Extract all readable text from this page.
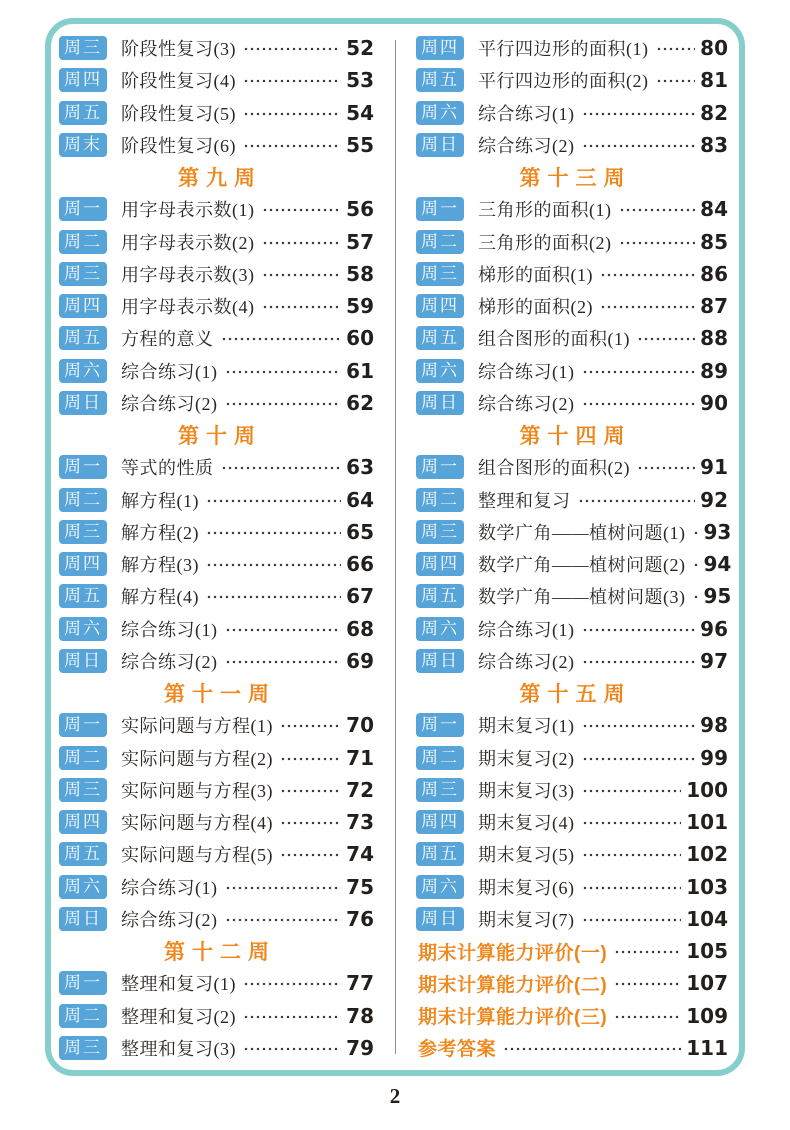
周三 阶段性复习(3)	52
周四 阶段性复习(4)	53
周五 阶段性复习(5)	54
周末 阶段性复习(6)	55
第九周
周一 用字母表示数(1)	56
周二 用字母表示数(2)	57
周三 用字母表示数(3)	58
周四 用字母表示数(4)	59
周五 方程的意义	60
周六 综合练习(1)	61
周日 综合练习(2)	62
第十周
周一 等式的性质	63
周二 解方程(1)	64
周三 解方程(2)	65
周四 解方程(3)	66
周五 解方程(4)	67
周六 综合练习(1)	68
周日 综合练习(2)	69
第十一周
周一 实际问题与方程(1)	70
周二 实际问题与方程(2)	71
周三 实际问题与方程(3)	72
周四 实际问题与方程(4)	73
周五 实际问题与方程(5)	74
周六 综合练习(1)	75
周日 综合练习(2)	76
第十二周
周一 整理和复习(1)	77
周二 整理和复习(2)	78
周三 整理和复习(3)	79
周四 平行四边形的面积(1)	80
周五 平行四边形的面积(2)	81
周六 综合练习(1)	82
周日 综合练习(2)	83
第十三周
周一 三角形的面积(1)	84
周二 三角形的面积(2)	85
周三 梯形的面积(1)	86
周四 梯形的面积(2)	87
周五 组合图形的面积(1)	88
周六 综合练习(1)	89
周日 综合练习(2)	90
第十四周
周一 组合图形的面积(2)	91
周二 整理和复习	92
周三 数学广角——植树问题(1) 93
周四 数学广角——植树问题(2) 94
周五 数学广角——植树问题(3) 95
周六 综合练习(1)	96
周日 综合练习(2)	97
第十五周
周一 期末复习(1)	98
周二 期末复习(2)	99
周三 期末复习(3)	100
周四 期末复习(4)	101
周五 期末复习(5)	102
周六 期末复习(6)	103
周日 期末复习(7)	104
期末计算能力评价(一)	105
期末计算能力评价(二)	107
期末计算能力评价(三)	109
参考答案	111
2
